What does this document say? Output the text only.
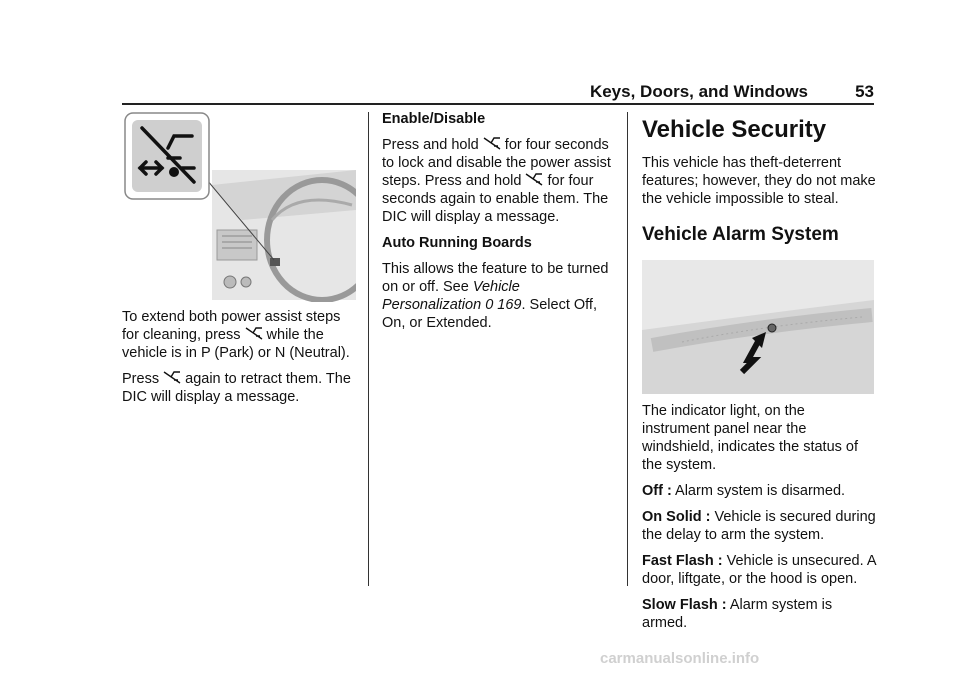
Keys, Doors, and Windows	53

To extend both power assist steps for cleaning, press while the vehicle is in P (Park) or N (Neutral).

Press again to retract them. The DIC will display a message.

Enable/Disable

Press and hold for four seconds to lock and disable the power assist steps. Press and hold for four seconds again to enable them. The DIC will display a message.

Auto Running Boards

This allows the feature to be turned on or off. See Vehicle Personalization 0 169. Select Off, On, or Extended.

Vehicle Security

This vehicle has theft-deterrent features; however, they do not make the vehicle impossible to steal.

Vehicle Alarm System

The indicator light, on the instrument panel near the windshield, indicates the status of the system.

Off : Alarm system is disarmed.

On Solid : Vehicle is secured during the delay to arm the system.

Fast Flash : Vehicle is unsecured. A door, liftgate, or the hood is open.

Slow Flash : Alarm system is armed.

carmanualsonline.info
